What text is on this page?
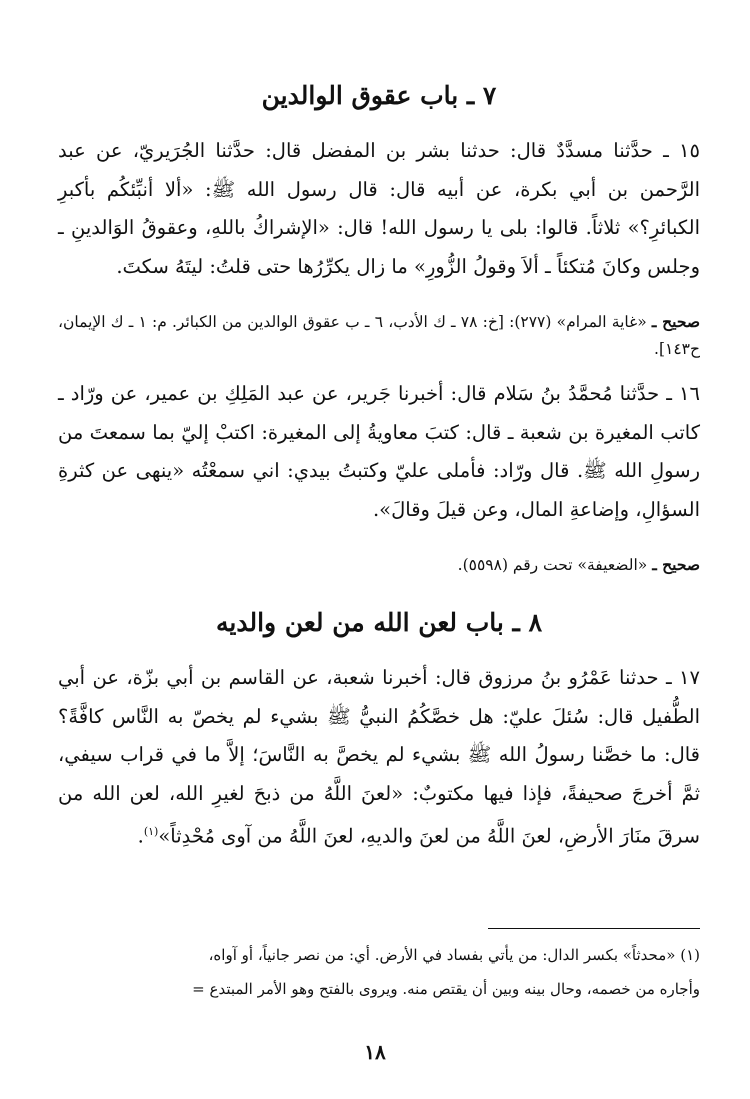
٧ ـ باب عقوق الوالدين

١٥ ـ حدَّثنا مسدَّدٌ قال: حدثنا بشر بن المفضل قال: حدَّثنا الجُرَيريّ، عن عبد الرَّحمن بن أبي بكرة، عن أبيه قال: قال رسول الله ﷺ: «ألا أنبِّئكُم بأكبرِ الكبائرِ؟» ثلاثاً. قالوا: بلى يا رسول الله! قال: «الإشراكُ باللهِ، وعقوقُ الوَالدينِ ـ وجلس وكانَ مُتكئاً ـ ألاَ وقولُ الزُّورِ» ما زال يكرِّرُها حتى قلتُ: ليتَهُ سكتَ.

صحيح ـ «غاية المرام» (٢٧٧): [خ: ٧٨ ـ ك الأدب، ٦ ـ ب عقوق الوالدين من الكبائر. م: ١ ـ ك الإيمان، ح١٤٣].

١٦ ـ حدَّثنا مُحمَّدُ بنُ سَلام قال: أخبرنا جَرير، عن عبد المَلِكِ بن عمير، عن ورّاد ـ كاتب المغيرة بن شعبة ـ قال: كتبَ معاويةُ إلى المغيرة: اكتبْ إليّ بما سمعتَ من رسولِ الله ﷺ. قال ورّاد: فأملى عليّ وكتبتُ بيدي: اني سمعْتُه «ينهى عن كثرةِ السؤالِ، وإضاعةِ المال، وعن قيلَ وقالَ».

صحيح ـ «الضعيفة» تحت رقم (٥٥٩٨).

٨ ـ باب لعن الله من لعن والديه

١٧ ـ حدثنا عَمْرُو بنُ مرزوق قال: أخبرنا شعبة، عن القاسم بن أبي بزّة، عن أبي الطُّفيل قال: سُئلَ عليّ: هل خصَّكُمُ النبيُّ ﷺ بشيء لم يخصّ به النَّاس كافَّةً؟ قال: ما خصَّنا رسولُ الله ﷺ بشيء لم يخصَّ به النَّاسَ؛ إلاَّ ما في قراب سيفي، ثمَّ أخرجَ صحيفةً، فإذا فيها مكتوبٌ: «لعنَ اللَّهُ من ذبحَ لغيرِ الله، لعن الله من سرقَ منَارَ الأرضِ، لعنَ اللَّهُ من لعنَ والديهِ، لعنَ اللَّهُ من آوى مُحْدِثاً»$^{(١)}$.

(١) «محدثاً» بكسر الدال: من يأتي بفساد في الأرض. أي: من نصر جانياً، أو آواه،
وأجاره من خصمه، وحال بينه وبين أن يقتص منه. ويروى بالفتح وهو الأمر المبتدع =
١٨
